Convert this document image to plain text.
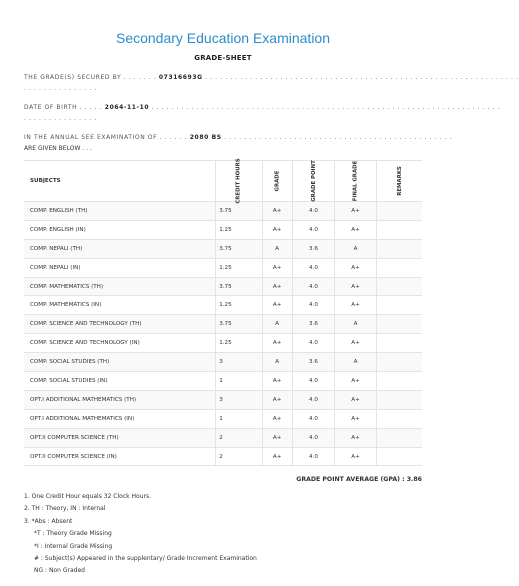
Secondary Education Examination
GRADE-SHEET
THE GRADE(S) SECURED BY . . . . . . . 07316693G . . . . . . . . . . . . . . . . . . . . . . . . . . . . . . . . . . . . . . . . . . . . . . . . . . . . . . . . . . . . . . .
. . . . . . . . . . . . . . .
DATE OF BIRTH . . . . . 2064-11-10 . . . . . . . . . . . . . . . . . . . . . . . . . . . . . . . . . . . . . . . . . . . . . . . . . . . . . . . . . . . . . . . . . . . . . .
. . . . . . . . . . . . . . .
IN THE ANNUAL SEE EXAMINATION OF . . . . . . 2080 BS . . . . . . . . . . . . . . . . . . . . . . . . . . . . . . . . . . . . . . . . . . . . . .
ARE GIVEN BELOW . . .
SUBJECTS	CREDIT HOURS	GRADE	GRADE POINT	FINAL GRADE	REMARKS
COMP. ENGLISH (TH)	3.75	A+	4.0	A+	
COMP. ENGLISH (IN)	1.25	A+	4.0	A+	
COMP. NEPALI (TH)	3.75	A	3.6	A	
COMP. NEPALI (IN)	1.25	A+	4.0	A+	
COMP. MATHEMATICS (TH)	3.75	A+	4.0	A+	
COMP. MATHEMATICS (IN)	1.25	A+	4.0	A+	
COMP. SCIENCE AND TECHNOLOGY (TH)	3.75	A	3.6	A	
COMP. SCIENCE AND TECHNOLOGY (IN)	1.25	A+	4.0	A+	
COMP. SOCIAL STUDIES (TH)	3	A	3.6	A	
COMP. SOCIAL STUDIES (IN)	1	A+	4.0	A+	
OPT.I ADDITIONAL MATHEMATICS (TH)	3	A+	4.0	A+	
OPT.I ADDITIONAL MATHEMATICS (IN)	1	A+	4.0	A+	
OPT.II COMPUTER SCIENCE (TH)	2	A+	4.0	A+	
OPT.II COMPUTER SCIENCE (IN)	2	A+	4.0	A+	
GRADE POINT AVERAGE (GPA) : 3.86					
1. One Credit Hour equals 32 Clock Hours.
2. TH : Theory, IN : Internal
3. *Abs : Absent
*T : Theory Grade Missing
*I : Internal Grade Missing
# : Subject(s) Appeared in the supplentary/ Grade Increment Examination
NG : Non Graded
